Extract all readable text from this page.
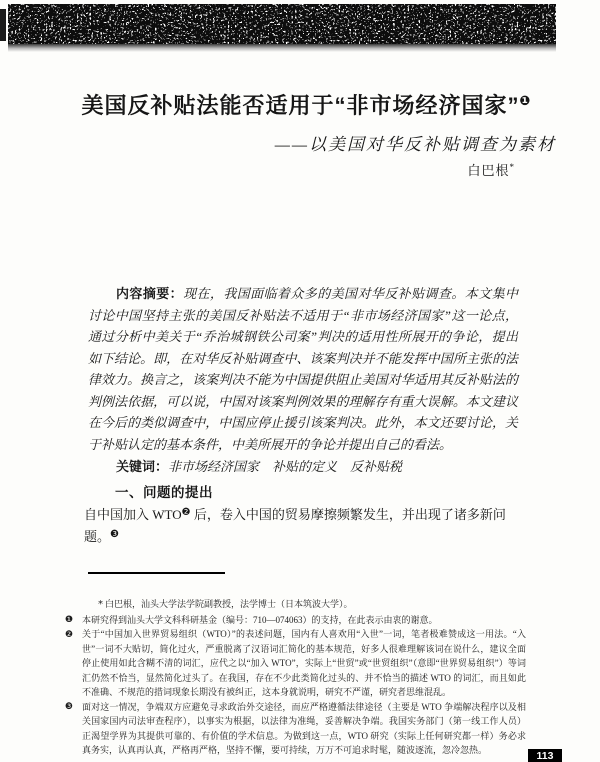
美国反补贴法能否适用于“非市场经济国家”$^❶$
——以美国对华反补贴调查为素材
白巴根*

内容摘要：现在，我国面临着众多的美国对华反补贴调查。本文集中讨论中国坚持主张的美国反补贴法不适用于“非市场经济国家”这一论点，通过分析中美关于“乔治城钢铁公司案”判决的适用性所展开的争论，提出如下结论。即，在对华反补贴调查中、该案判决并不能发挥中国所主张的法律效力。换言之，该案判决不能为中国提供阻止美国对华适用其反补贴法的判例法依据，可以说，中国对该案判例效果的理解存有重大误解。本文建议在今后的类似调查中，中国应停止援引该案判决。此外，本文还要讨论，关于补贴认定的基本条件，中美所展开的争论并提出自己的看法。

关键词：非市场经济国家　补贴的定义　反补贴税

一、问题的提出

自中国加入 $WTO^❷$ 后，卷入中国的贸易摩擦频繁发生，并出现了诸多新问题。$^❸$

* 白巴根，汕头大学法学院副教授，法学博士（日本筑波大学）。
❶ 本研究得到汕头大学文科科研基金（编号：710—074063）的支持，在此表示由衷的谢意。
❷ 关于“中国加入世界贸易组织（WTO）”的表述问题，国内有人喜欢用“入世”一词，笔者极难赞成这一用法。“入世”一词不大贴切，简化过火，严重脱离了汉语词汇简化的基本规范，好多人很难理解该词在说什么，建议全面停止使用如此含糊不清的词汇，应代之以“加入 WTO”，实际上“世贸”或“世贸组织”（意即“世界贸易组织”）等词汇仍然不恰当，显然简化过头了。在我国，存在不少此类简化过头的、并不恰当的描述 WTO 的词汇，而且如此不准确、不规范的措词现象长期没有被纠正，这本身就说明，研究不严谨，研究者思维混乱。
❸ 面对这一情况，争端双方应避免寻求政治外交途径，而应严格遵循法律途径（主要是 WTO 争端解决程序以及相关国家国内司法审查程序），以事实为根据，以法律为准绳，妥善解决争端。我国实务部门（第一线工作人员）正渴望学界为其提供可靠的、有价值的学术信息。为做到这一点，WTO 研究（实际上任何研究都一样）务必求真务实，认真再认真，严格再严格，坚持不懈，要可持续，万万不可追求时髦，随波逐流，忽冷忽热。	113
